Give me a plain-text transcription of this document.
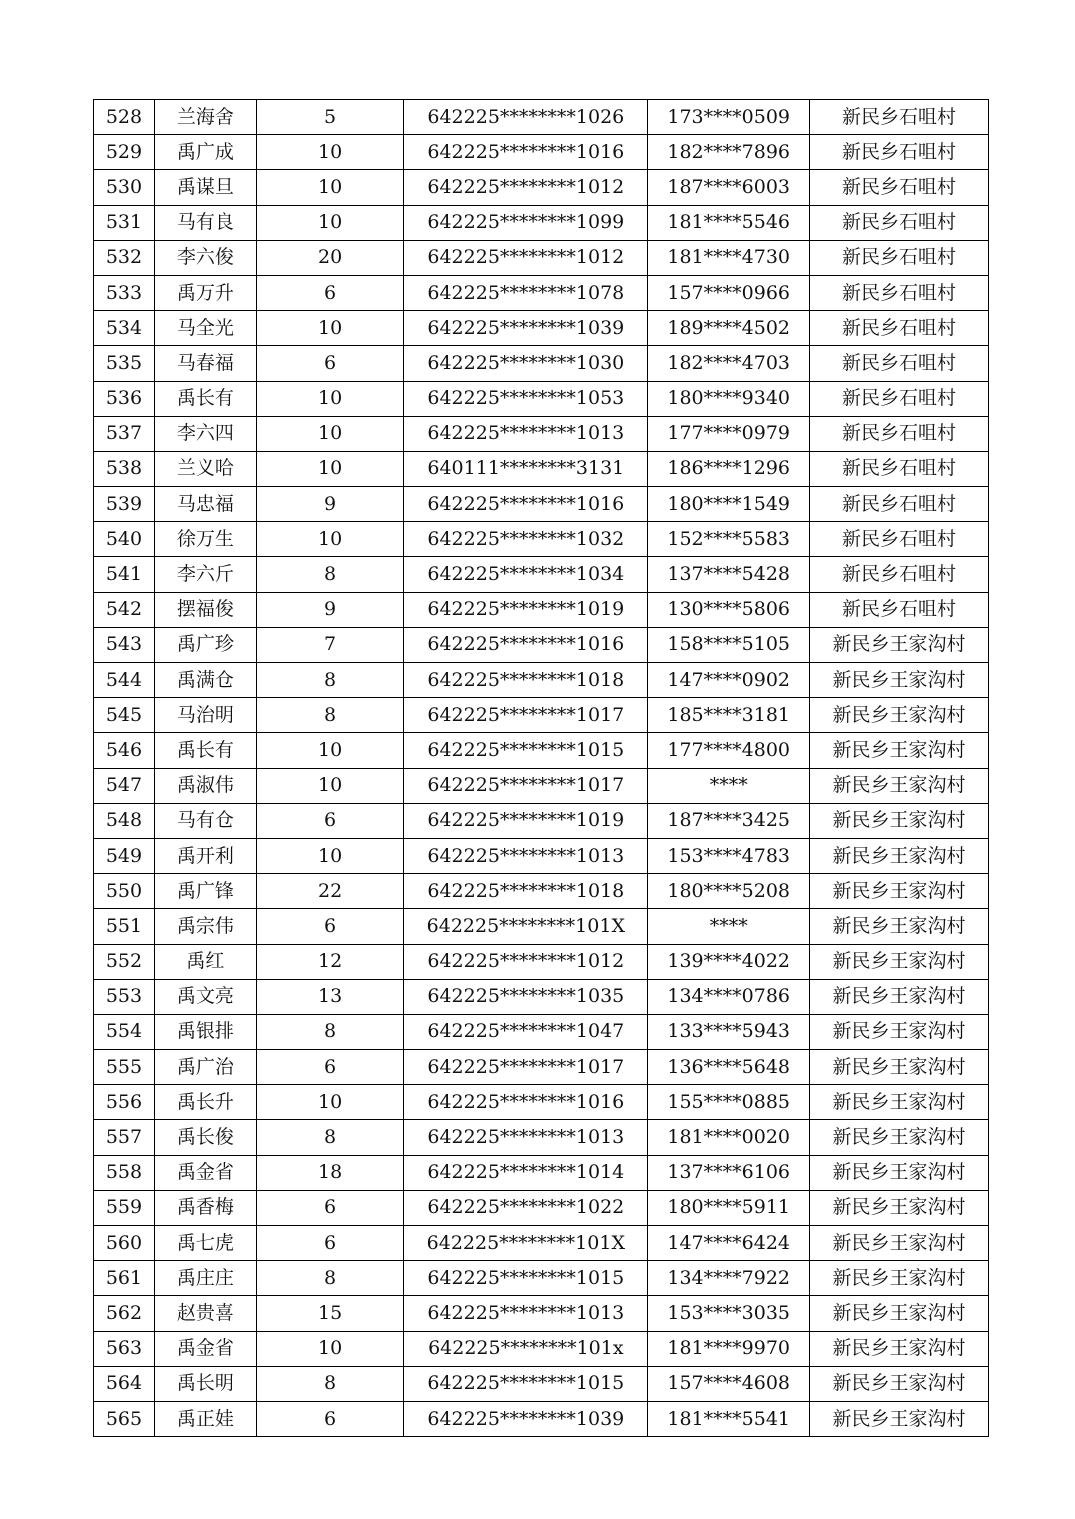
528	兰海舍	5	642225********1026	173****0509	新民乡石咀村
529	禹广成	10	642225********1016	182****7896	新民乡石咀村
530	禹谋旦	10	642225********1012	187****6003	新民乡石咀村
531	马有良	10	642225********1099	181****5546	新民乡石咀村
532	李六俊	20	642225********1012	181****4730	新民乡石咀村
533	禹万升	6	642225********1078	157****0966	新民乡石咀村
534	马全光	10	642225********1039	189****4502	新民乡石咀村
535	马春福	6	642225********1030	182****4703	新民乡石咀村
536	禹长有	10	642225********1053	180****9340	新民乡石咀村
537	李六四	10	642225********1013	177****0979	新民乡石咀村
538	兰义哈	10	640111********3131	186****1296	新民乡石咀村
539	马忠福	9	642225********1016	180****1549	新民乡石咀村
540	徐万生	10	642225********1032	152****5583	新民乡石咀村
541	李六斤	8	642225********1034	137****5428	新民乡石咀村
542	摆福俊	9	642225********1019	130****5806	新民乡石咀村
543	禹广珍	7	642225********1016	158****5105	新民乡王家沟村
544	禹满仓	8	642225********1018	147****0902	新民乡王家沟村
545	马治明	8	642225********1017	185****3181	新民乡王家沟村
546	禹长有	10	642225********1015	177****4800	新民乡王家沟村
547	禹淑伟	10	642225********1017	****	新民乡王家沟村
548	马有仓	6	642225********1019	187****3425	新民乡王家沟村
549	禹开利	10	642225********1013	153****4783	新民乡王家沟村
550	禹广锋	22	642225********1018	180****5208	新民乡王家沟村
551	禹宗伟	6	642225********101X	****	新民乡王家沟村
552	禹红	12	642225********1012	139****4022	新民乡王家沟村
553	禹文亮	13	642225********1035	134****0786	新民乡王家沟村
554	禹银排	8	642225********1047	133****5943	新民乡王家沟村
555	禹广治	6	642225********1017	136****5648	新民乡王家沟村
556	禹长升	10	642225********1016	155****0885	新民乡王家沟村
557	禹长俊	8	642225********1013	181****0020	新民乡王家沟村
558	禹金省	18	642225********1014	137****6106	新民乡王家沟村
559	禹香梅	6	642225********1022	180****5911	新民乡王家沟村
560	禹七虎	6	642225********101X	147****6424	新民乡王家沟村
561	禹庄庄	8	642225********1015	134****7922	新民乡王家沟村
562	赵贵喜	15	642225********1013	153****3035	新民乡王家沟村
563	禹金省	10	642225********101x	181****9970	新民乡王家沟村
564	禹长明	8	642225********1015	157****4608	新民乡王家沟村
565	禹正娃	6	642225********1039	181****5541	新民乡王家沟村
